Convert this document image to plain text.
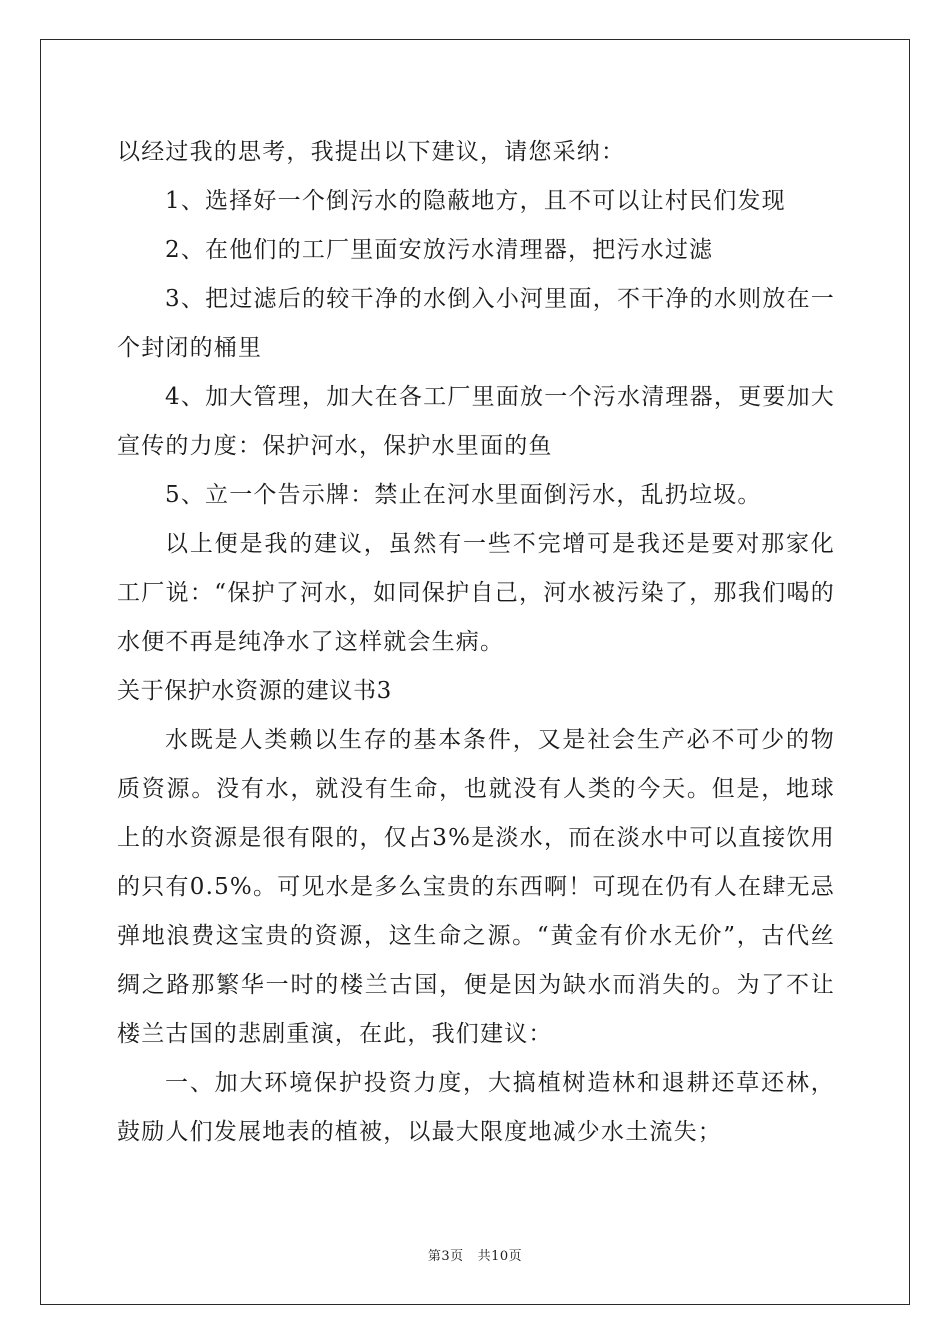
以经过我的思考，我提出以下建议，请您采纳：

1、选择好一个倒污水的隐蔽地方，且不可以让村民们发现

2、在他们的工厂里面安放污水清理器，把污水过滤

3、把过滤后的较干净的水倒入小河里面，不干净的水则放在一个封闭的桶里

4、加大管理，加大在各工厂里面放一个污水清理器，更要加大宣传的力度：保护河水，保护水里面的鱼

5、立一个告示牌：禁止在河水里面倒污水，乱扔垃圾。

以上便是我的建议，虽然有一些不完增可是我还是要对那家化工厂说：“保护了河水，如同保护自己，河水被污染了，那我们喝的水便不再是纯净水了这样就会生病。

关于保护水资源的建议书3

水既是人类赖以生存的基本条件，又是社会生产必不可少的物质资源。没有水，就没有生命，也就没有人类的今天。但是，地球上的水资源是很有限的，仅占3%是淡水，而在淡水中可以直接饮用的只有0.5%。可见水是多么宝贵的东西啊！可现在仍有人在肆无忌弹地浪费这宝贵的资源，这生命之源。“黄金有价水无价”，古代丝绸之路那繁华一时的楼兰古国，便是因为缺水而消失的。为了不让楼兰古国的悲剧重演，在此，我们建议：

一、加大环境保护投资力度，大搞植树造林和退耕还草还林，鼓励人们发展地表的植被，以最大限度地减少水土流失；

第3页 共10页
